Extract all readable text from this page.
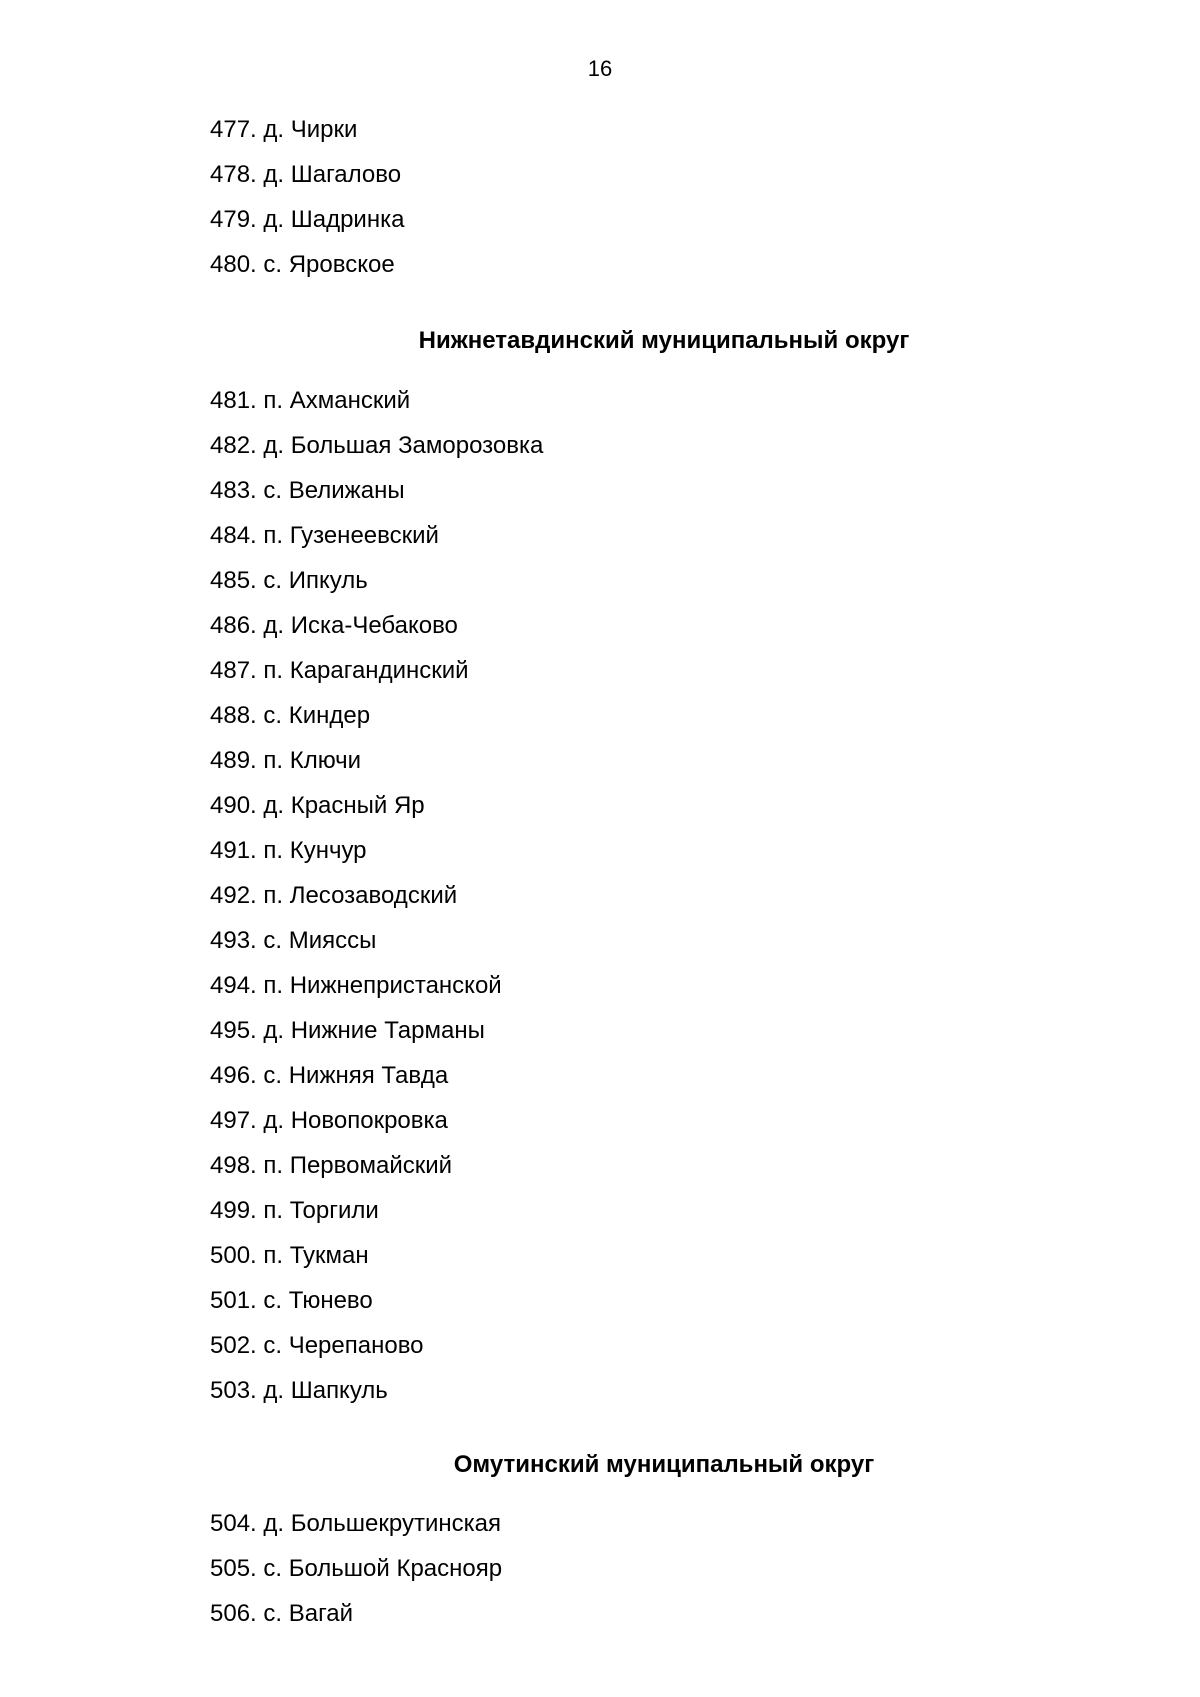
16
477. д. Чирки
478. д. Шагалово
479. д. Шадринка
480. с. Яровское
Нижнетавдинский муниципальный округ
481. п. Ахманский
482. д. Большая Заморозовка
483. с. Велижаны
484. п. Гузенеевский
485. с. Ипкуль
486. д. Иска-Чебаково
487. п. Карагандинский
488. с. Киндер
489. п. Ключи
490. д. Красный Яр
491. п. Кунчур
492. п. Лесозаводский
493. с. Мияссы
494. п. Нижнепристанской
495. д. Нижние Тарманы
496. с. Нижняя Тавда
497. д. Новопокровка
498. п. Первомайский
499. п. Торгили
500. п. Тукман
501. с. Тюнево
502. с. Черепаново
503. д. Шапкуль
Омутинский муниципальный округ
504. д. Большекрутинская
505. с. Большой Краснояр
506. с. Вагай
